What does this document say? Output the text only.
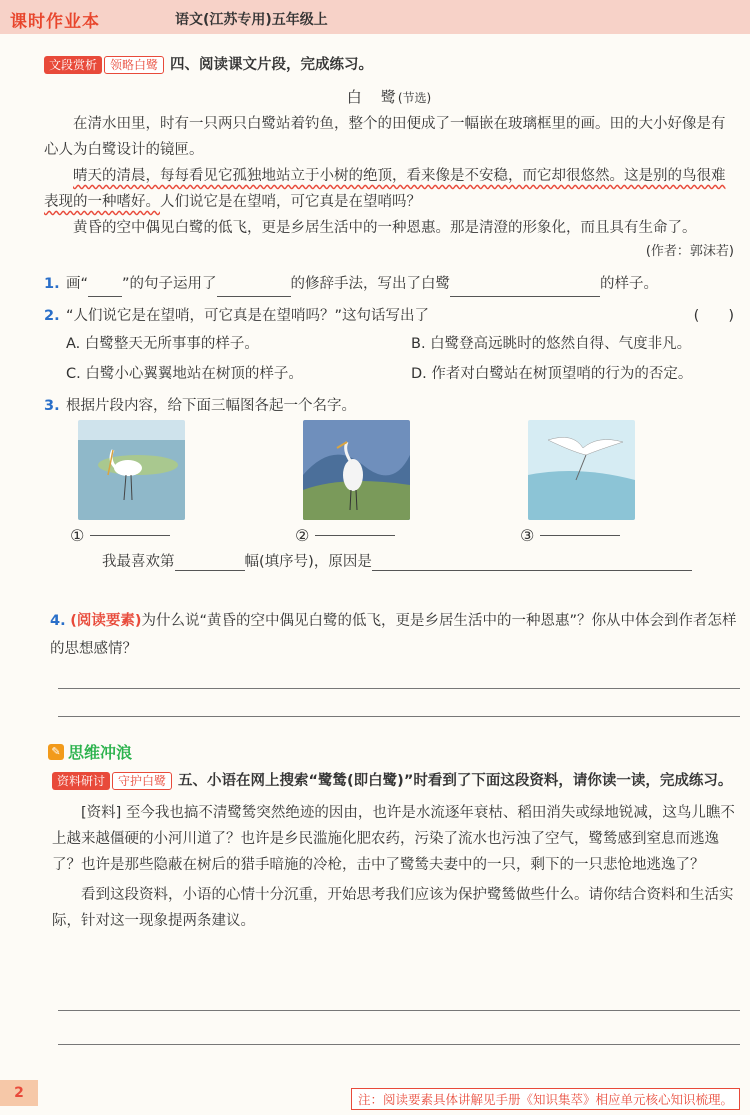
课时作业本	语文(江苏专用)五年级上
文段赏析	领略白鹭 四、阅读课文片段，完成练习。
白　鹭(节选)

在清水田里，时有一只两只白鹭站着钓鱼，整个的田便成了一幅嵌在玻璃框里的画。田的大小好像是有心人为白鹭设计的镜匣。

晴天的清晨，每每看见它孤独地站立于小树的绝顶，看来像是不安稳，而它却很悠然。这是别的鸟很难表现的一种嗜好。人们说它是在望哨，可它真是在望哨吗？

黄昏的空中偶见白鹭的低飞，更是乡居生活中的一种恩惠。那是清澄的形象化，而且具有生命了。

(作者：郭沫若)
1. 画“ ”的句子运用了	的修辞手法，写出了白鹭	的样子。
2. “人们说它是在望哨，可它真是在望哨吗？”这句话写出了	(　　)
A. 白鹭整天无所事事的样子。	B. 白鹭登高远眺时的悠然自得、气度非凡。
C. 白鹭小心翼翼地站在树顶的样子。	D. 作者对白鹭站在树顶望哨的行为的否定。
3. 根据片段内容，给下面三幅图各起一个名字。
①	②	③
我最喜欢第	幅(填序号)，原因是
4. (阅读要素)为什么说“黄昏的空中偶见白鹭的低飞，更是乡居生活中的一种恩惠”？你从中体会到作者怎样的思想感情？
✎ 思维冲浪
资料研讨	守护白鹭 五、小语在网上搜索“鹭鸶(即白鹭)”时看到了下面这段资料，请你读一读，完成练习。

[资料] 至今我也搞不清鹭鸶突然绝迹的因由，也许是水流逐年衰枯、稻田消失或绿地锐减，这鸟儿瞧不上越来越僵硬的小河川道了？也许是乡民滥施化肥农药，污染了流水也污浊了空气，鹭鸶感到窒息而逃逸了？也许是那些隐蔽在树后的猎手暗施的冷枪，击中了鹭鸶夫妻中的一只，剩下的一只悲怆地逃逸了？

看到这段资料，小语的心情十分沉重，开始思考我们应该为保护鹭鸶做些什么。请你结合资料和生活实际，针对这一现象提两条建议。

2	注：阅读要素具体讲解见手册《知识集萃》相应单元核心知识梳理。
